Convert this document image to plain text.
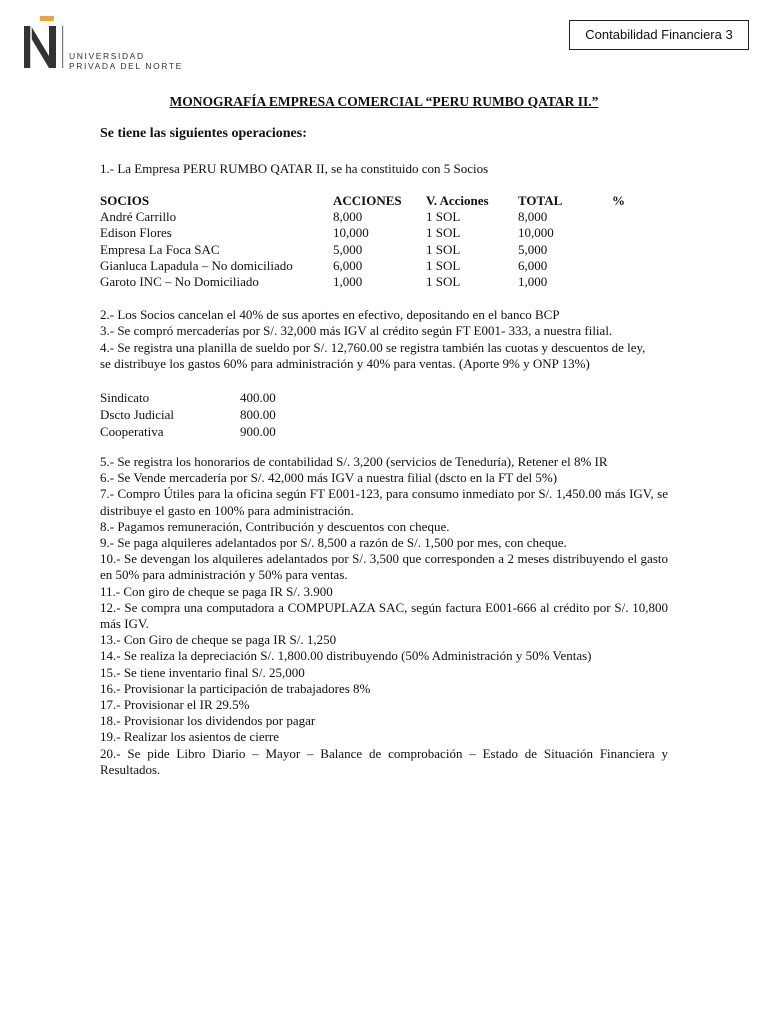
UNIVERSIDAD
PRIVADA DEL NORTE
Contabilidad Financiera 3
MONOGRAFÍA EMPRESA COMERCIAL “PERU RUMBO QATAR II.”
Se tiene las siguientes operaciones:
1.- La Empresa PERU RUMBO QATAR II, se ha constituido con 5 Socios
SOCIOS	ACCIONES	V. Acciones	TOTAL	%
André Carrillo	8,000	1 SOL	8,000	
Edison Flores	10,000	1 SOL	10,000	
Empresa La Foca SAC	5,000	1 SOL	5,000	
Gianluca Lapadula – No domiciliado	6,000	1 SOL	6,000	
Garoto INC – No Domiciliado	1,000	1 SOL	1,000	
2.- Los Socios cancelan el 40% de sus aportes en efectivo, depositando en el banco BCP
3.- Se compró mercaderías por S/. 32,000 más IGV al crédito según FT E001- 333, a nuestra filial.
4.- Se registra una planilla de sueldo por S/. 12,760.00 se registra también las cuotas y descuentos de ley,
se distribuye los gastos 60% para administración y 40% para ventas. (Aporte 9% y ONP 13%)
Sindicato	400.00
Dscto Judicial	800.00
Cooperativa	900.00
5.- Se registra los honorarios de contabilidad S/. 3,200 (servicios de Teneduría), Retener el 8% IR
6.- Se Vende mercadería por S/. 42,000 más IGV a nuestra filial (dscto en la FT del 5%)
7.- Compro Útiles para la oficina según FT E001-123, para consumo inmediato por S/. 1,450.00 más IGV, se distribuye el gasto en 100% para administración.
8.- Pagamos remuneración, Contribución y descuentos con cheque.
9.- Se paga alquileres adelantados por S/. 8,500 a razón de S/. 1,500 por mes, con cheque.
10.- Se devengan los alquileres adelantados por S/. 3,500 que corresponden a 2 meses distribuyendo el gasto en 50% para administración y 50% para ventas.
11.- Con giro de cheque se paga IR S/. 3.900
12.- Se compra una computadora a COMPUPLAZA SAC, según factura E001-666 al crédito por S/. 10,800 más IGV.
13.- Con Giro de cheque se paga IR S/. 1,250
14.- Se realiza la depreciación S/. 1,800.00 distribuyendo (50% Administración y 50% Ventas)
15.- Se tiene inventario final S/. 25,000
16.- Provisionar la participación de trabajadores 8%
17.- Provisionar el IR 29.5%
18.- Provisionar los dividendos por pagar
19.- Realizar los asientos de cierre
20.- Se pide Libro Diario – Mayor – Balance de comprobación – Estado de Situación Financiera y Resultados.
